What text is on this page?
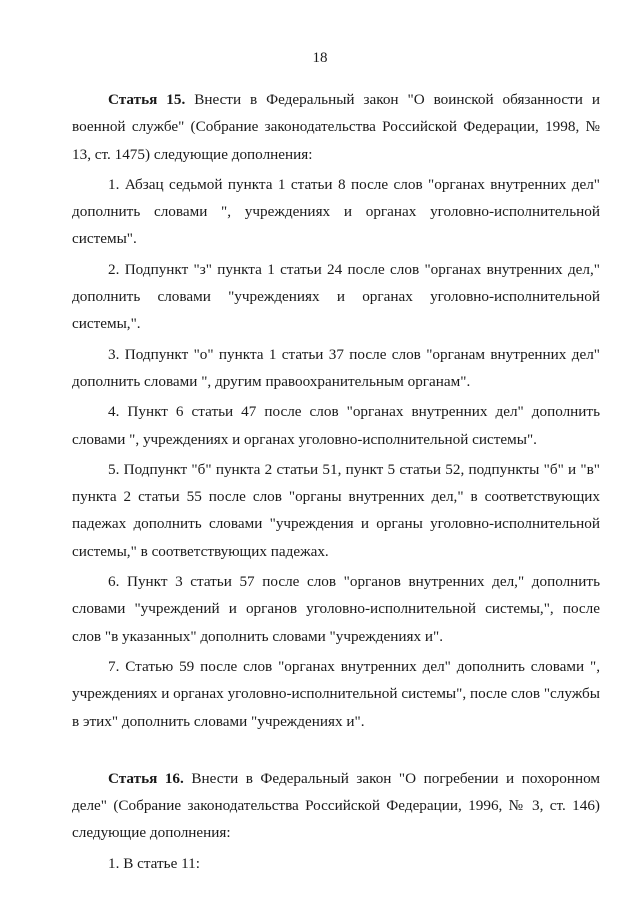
18

Статья 15. Внести в Федеральный закон "О воинской обязанности и военной службе" (Собрание законодательства Российской Федерации, 1998, № 13, ст. 1475) следующие дополнения:

1. Абзац седьмой пункта 1 статьи 8 после слов "органах внутренних дел" дополнить словами ", учреждениях и органах уголовно-исполнительной системы".

2. Подпункт "з" пункта 1 статьи 24 после слов "органах внутренних дел," дополнить словами "учреждениях и органах уголовно-исполнительной системы,".

3. Подпункт "о" пункта 1 статьи 37 после слов "органам внутренних дел" дополнить словами ", другим правоохранительным органам".

4. Пункт 6 статьи 47 после слов "органах внутренних дел" дополнить словами ", учреждениях и органах уголовно-исполнительной системы".

5. Подпункт "б" пункта 2 статьи 51, пункт 5 статьи 52, подпункты "б" и "в" пункта 2 статьи 55 после слов "органы внутренних дел," в соответствующих падежах дополнить словами "учреждения и органы уголовно-исполнительной системы," в соответствующих падежах.

6. Пункт 3 статьи 57 после слов "органов внутренних дел," дополнить словами "учреждений и органов уголовно-исполнительной системы,", после слов "в указанных" дополнить словами "учреждениях и".

7. Статью 59 после слов "органах внутренних дел" дополнить словами ", учреждениях и органах уголовно-исполнительной системы", после слов "службы в этих" дополнить словами "учреждениях и".

Статья 16. Внести в Федеральный закон "О погребении и похоронном деле" (Собрание законодательства Российской Федерации, 1996, № 3, ст. 146) следующие дополнения:

1. В статье 11:
